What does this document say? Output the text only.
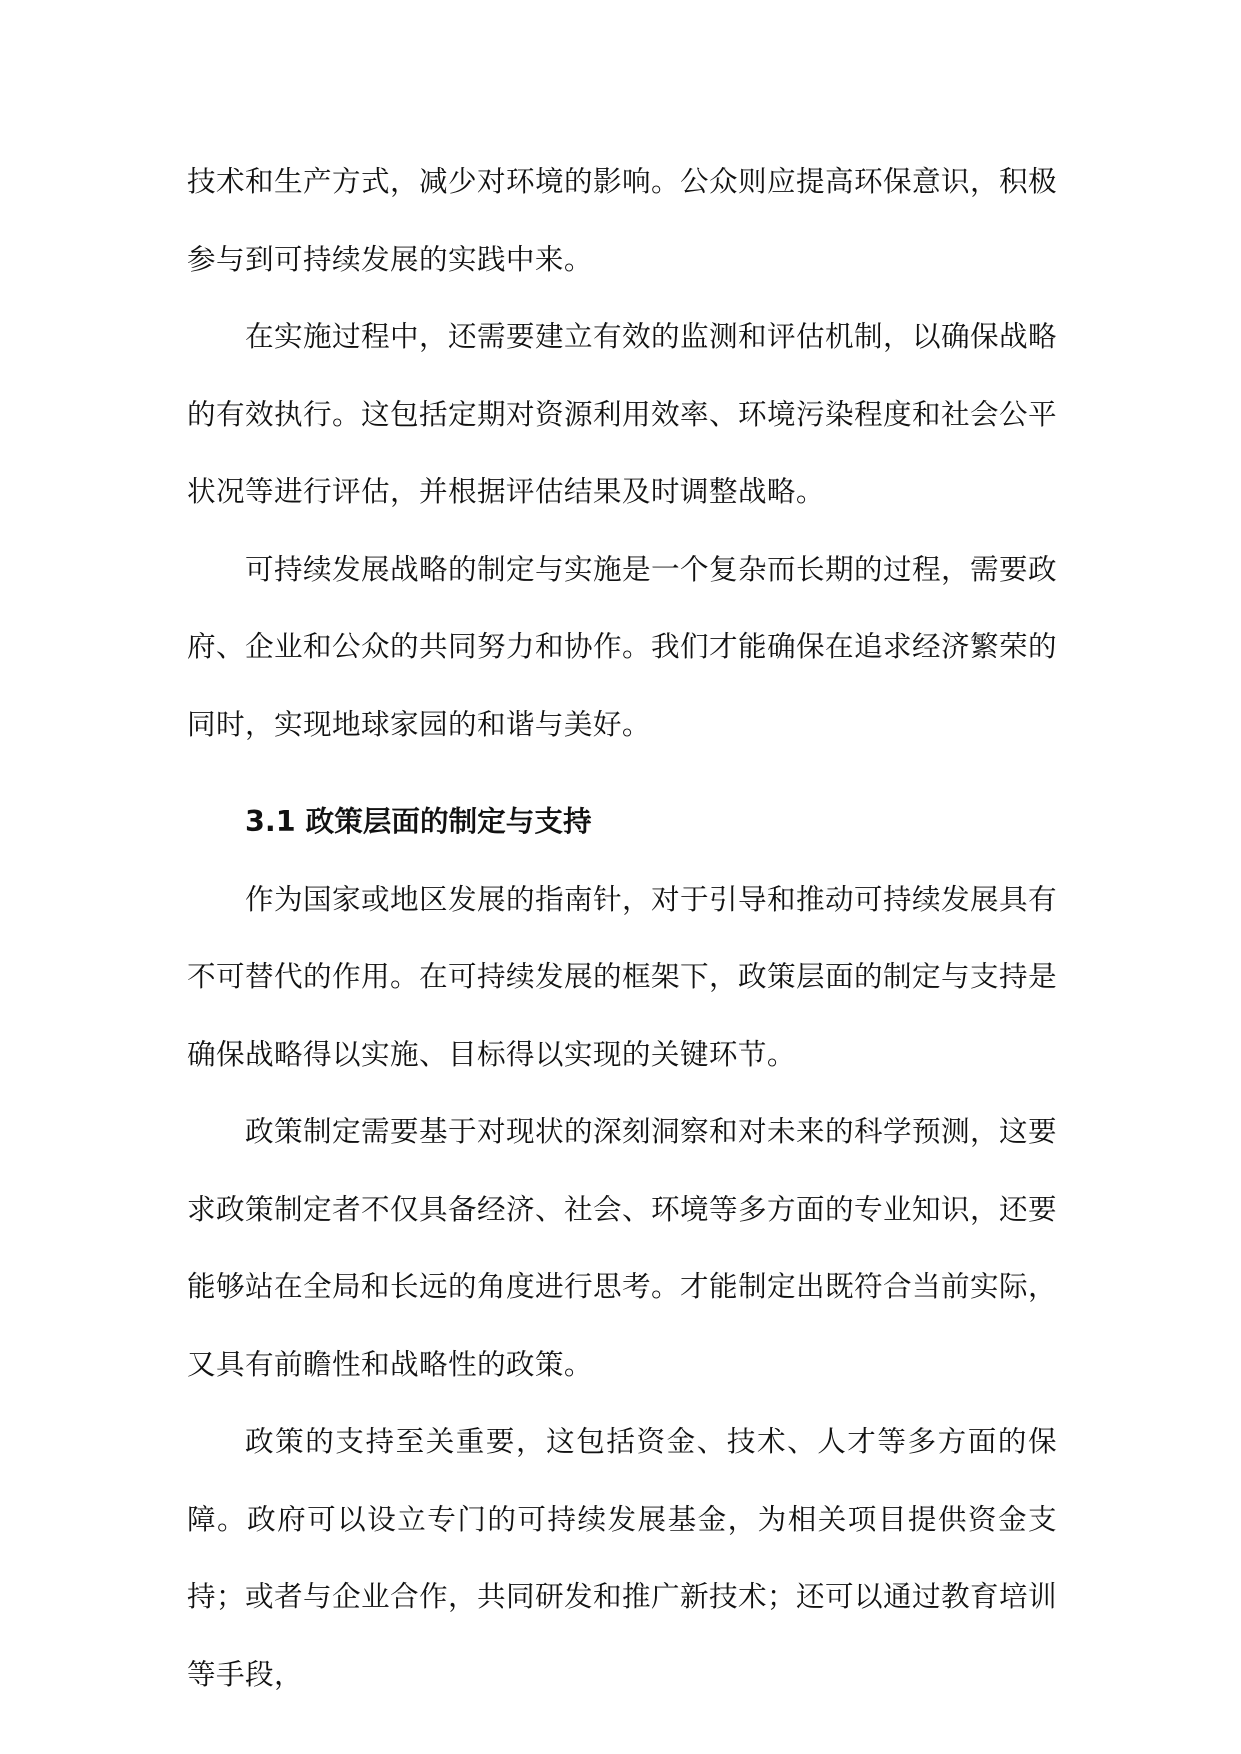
技术和生产方式，减少对环境的影响。公众则应提高环保意识，积极参与到可持续发展的实践中来。

在实施过程中，还需要建立有效的监测和评估机制，以确保战略的有效执行。这包括定期对资源利用效率、环境污染程度和社会公平状况等进行评估，并根据评估结果及时调整战略。

可持续发展战略的制定与实施是一个复杂而长期的过程，需要政府、企业和公众的共同努力和协作。我们才能确保在追求经济繁荣的同时，实现地球家园的和谐与美好。

3.1 政策层面的制定与支持

作为国家或地区发展的指南针，对于引导和推动可持续发展具有不可替代的作用。在可持续发展的框架下，政策层面的制定与支持是确保战略得以实施、目标得以实现的关键环节。

政策制定需要基于对现状的深刻洞察和对未来的科学预测，这要求政策制定者不仅具备经济、社会、环境等多方面的专业知识，还要能够站在全局和长远的角度进行思考。才能制定出既符合当前实际，又具有前瞻性和战略性的政策。

政策的支持至关重要，这包括资金、技术、人才等多方面的保障。政府可以设立专门的可持续发展基金，为相关项目提供资金支持；或者与企业合作，共同研发和推广新技术；还可以通过教育培训等手段，
